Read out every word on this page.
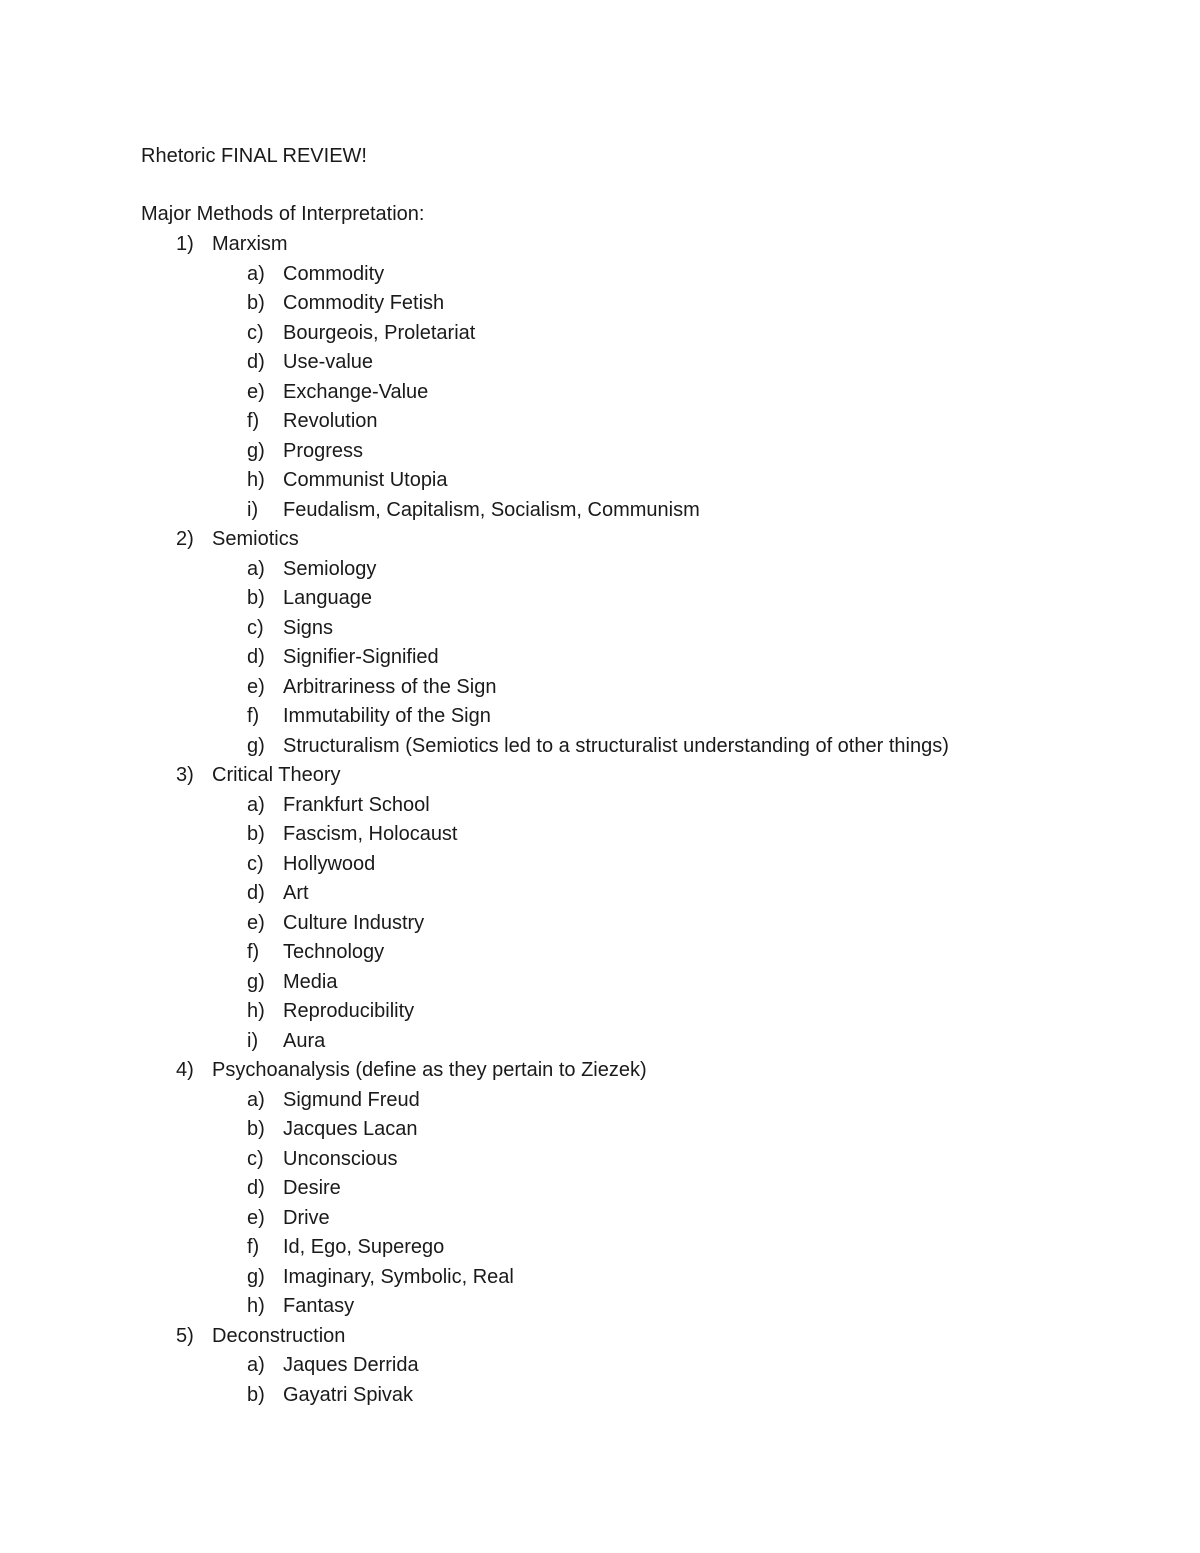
Rhetoric FINAL REVIEW!
Major Methods of Interpretation:
1) Marxism
a) Commodity
b) Commodity Fetish
c) Bourgeois, Proletariat
d) Use-value
e) Exchange-Value
f) Revolution
g) Progress
h) Communist Utopia
i) Feudalism, Capitalism, Socialism, Communism
2) Semiotics
a) Semiology
b) Language
c) Signs
d) Signifier-Signified
e) Arbitrariness of the Sign
f) Immutability of the Sign
g) Structuralism (Semiotics led to a structuralist understanding of other things)
3) Critical Theory
a) Frankfurt School
b) Fascism, Holocaust
c) Hollywood
d) Art
e) Culture Industry
f) Technology
g) Media
h) Reproducibility
i) Aura
4) Psychoanalysis (define as they pertain to Ziezek)
a) Sigmund Freud
b) Jacques Lacan
c) Unconscious
d) Desire
e) Drive
f) Id, Ego, Superego
g) Imaginary, Symbolic, Real
h) Fantasy
5) Deconstruction
a) Jaques Derrida
b) Gayatri Spivak
